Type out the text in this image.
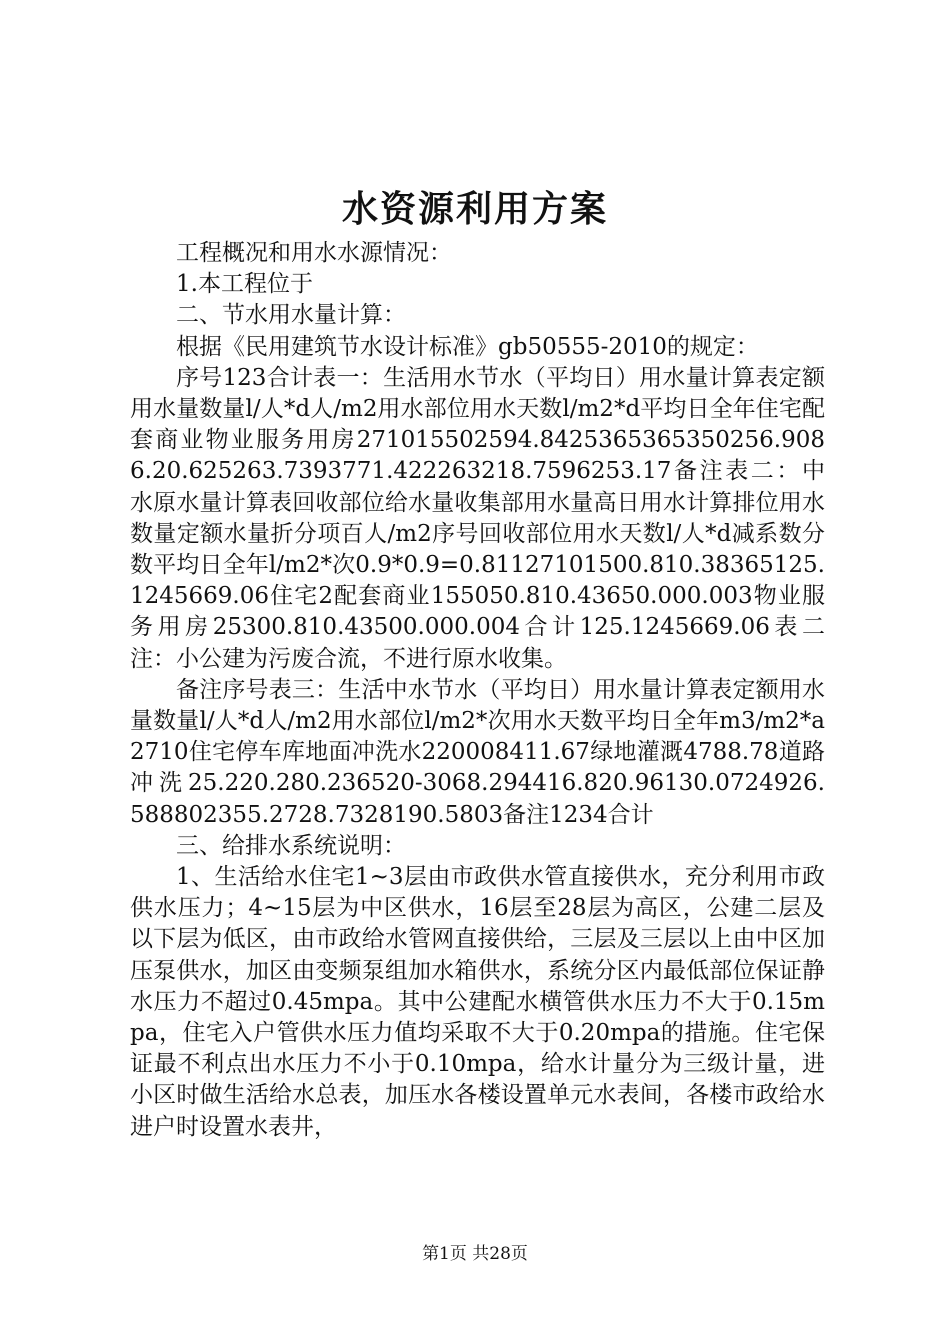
水资源利用方案

工程概况和用水水源情况：

1.本工程位于

二、节水用水量计算：

根据《民用建筑节水设计标准》gb50555-2010的规定：

序号123合计表一：生活用水节水（平均日）用水量计算表定额用水量数量l/人*d人/m2用水部位用水天数l/m2*d平均日全年住宅配套商业物业服务用房271015502594.8425365365350256.9086.20.625263.7393771.422263218.7596253.17备注表二：中水原水量计算表回收部位给水量收集部用水量高日用水计算排位用水数量定额水量折分项百人/m2序号回收部位用水天数l/人*d减系数分数平均日全年l/m2*次0.9*0.9=0.81127101500.810.38365125.1245669.06住宅2配套商业155050.810.43650.000.003物业服务用房25300.810.43500.000.004合计125.1245669.06表二注：小公建为污废合流，不进行原水收集。

备注序号表三：生活中水节水（平均日）用水量计算表定额用水量数量l/人*d人/m2用水部位l/m2*次用水天数平均日全年m3/m2*a2710住宅停车库地面冲洗水220008411.67绿地灌溉4788.78道路冲洗25.220.280.236520-3068.294416.820.96130.0724926.588802355.2728.7328190.5803备注1234合计

三、给排水系统说明：

1、生活给水住宅1~3层由市政供水管直接供水，充分利用市政供水压力；4~15层为中区供水，16层至28层为高区，公建二层及以下层为低区，由市政给水管网直接供给，三层及三层以上由中区加压泵供水，加区由变频泵组加水箱供水，系统分区内最低部位保证静水压力不超过0.45mpa。其中公建配水横管供水压力不大于0.15mpa，住宅入户管供水压力值均采取不大于0.20mpa的措施。住宅保证最不利点出水压力不小于0.10mpa，给水计量分为三级计量，进小区时做生活给水总表，加压水各楼设置单元水表间，各楼市政给水进户时设置水表井，

第1页 共28页
